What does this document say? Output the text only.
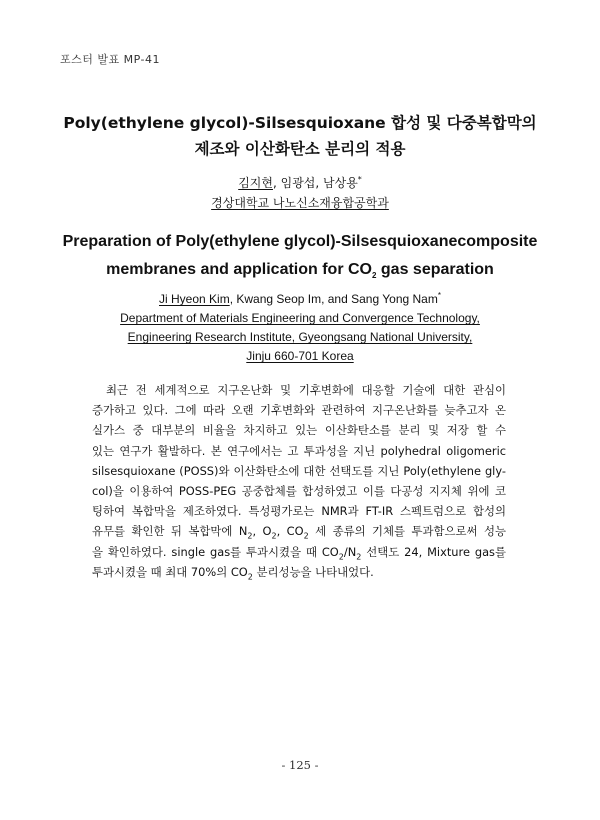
포스터 발표 MP-41
Poly(ethylene glycol)-Silsesquioxane 합성 및 다중복합막의
제조와 이산화탄소 분리의 적용
김지현, 임광섭, 남상용*
경상대학교 나노신소재융합공학과
Preparation of Poly(ethylene glycol)-Silsesquioxanecomposite
membranes and application for $CO_2$ gas separation
Ji Hyeon Kim, Kwang Seop Im, and Sang Yong Nam*
Department of Materials Engineering and Convergence Technology,
Engineering Research Institute, Gyeongsang National University,
Jinju 660-701 Korea
최근 전 세계적으로 지구온난화 및 기후변화에 대응할 기술에 대한 관심이
증가하고 있다. 그에 따라 오랜 기후변화와 관련하여 지구온난화를 늦추고자 온
실가스 중 대부분의 비율을 차지하고 있는 이산화탄소를 분리 및 저장 할 수
있는 연구가 활발하다. 본 연구에서는 고 투과성을 지닌 polyhedral oligomeric
silsesquioxane (POSS)와 이산화탄소에 대한 선택도를 지닌 Poly(ethylene gly-
col)을 이용하여 POSS-PEG 공중합체를 합성하였고 이를 다공성 지지체 위에 코
팅하여 복합막을 제조하였다. 특성평가로는 NMR과 FT-IR 스펙트럼으로 합성의
유무를 확인한 뒤 복합막에 $N_2$, $O_2$, $CO_2$ 세 종류의 기체를 투과함으로써 성능
을 확인하였다. single gas를 투과시켰을 때 $CO_2/N_2$ 선택도 24, Mixture gas를
투과시켰을 때 최대 70%의 $CO_2$ 분리성능을 나타내었다.
- 125 -
